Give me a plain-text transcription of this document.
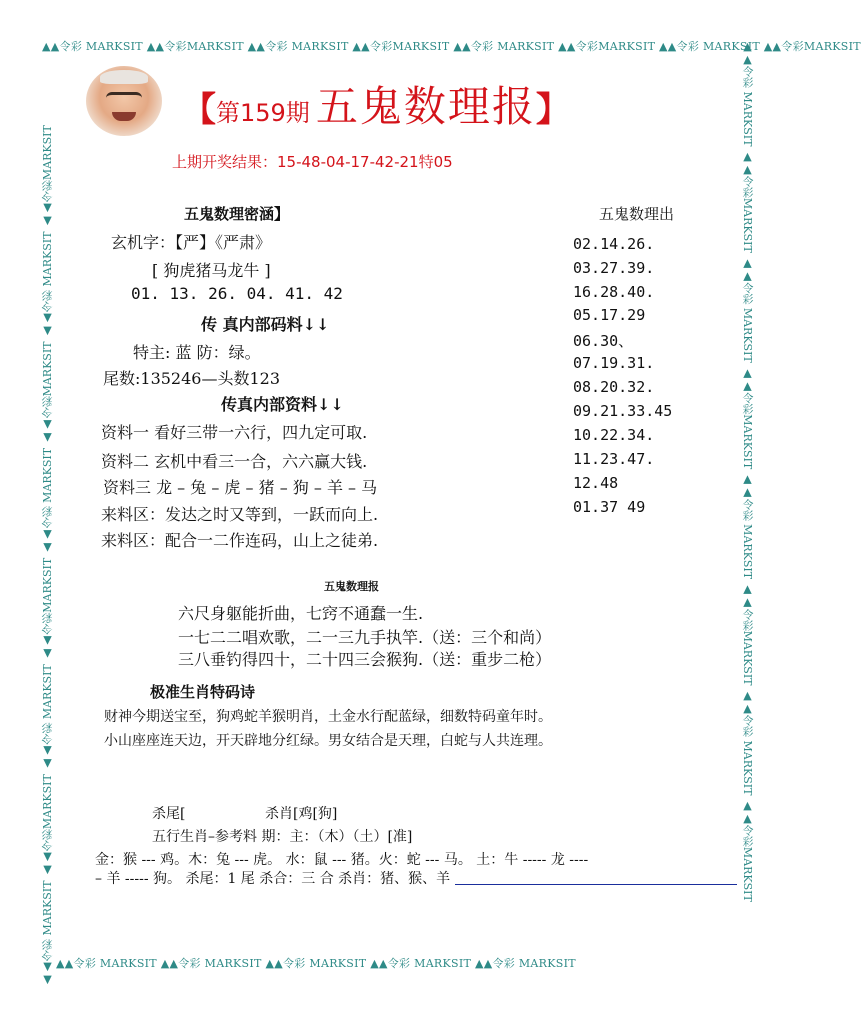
▲▲令彩 MARKSIT ▲▲令彩MARKSIT ▲▲令彩 MARKSIT ▲▲令彩MARKSIT ▲▲令彩 MARKSIT ▲▲令彩MARKSIT ▲▲令彩 MARKSIT ▲▲令彩MARKSIT
▲▲令彩 MARKSIT ▲▲令彩 MARKSIT ▲▲令彩 MARKSIT ▲▲令彩 MARKSIT ▲▲令彩 MARKSIT
▲▲令彩 MARKSIT ▲▲令彩MARKSIT ▲▲令彩 MARKSIT ▲▲令彩MARKSIT ▲▲令彩 MARKSIT ▲▲令彩MARKSIT ▲▲令彩 MARKSIT ▲▲令彩MARKSIT	▲▲令彩 MARKSIT ▲▲令彩MARKSIT ▲▲令彩 MARKSIT ▲▲令彩MARKSIT ▲▲令彩 MARKSIT ▲▲令彩MARKSIT ▲▲令彩 MARKSIT ▲▲令彩MARKSIT
【第159期 五鬼数理报】
上期开奖结果：15-48-04-17-42-21特05
五鬼数理密涵】
玄机字：【严】《严肃》
[ 狗虎猪马龙牛 ]
01. 13. 26. 04. 41. 42
传 真内部码料↓↓
特主: 蓝 防：绿。
尾数:135246—头数123
传真内部资料↓↓
资料一 看好三带一六行，四九定可取.
资料二 玄机中看三一合，六六赢大钱.
资料三 龙 – 兔 – 虎 – 猪 – 狗 – 羊 – 马
来料区：发达之时又等到，一跃而向上.
来料区：配合一二作连码，山上之徒弟.
五鬼数理出
02.14.26.
03.27.39.
16.28.40.
05.17.29
06.30、
07.19.31.
08.20.32.
09.21.33.45
10.22.34.
11.23.47.
12.48
01.37 49
五鬼数理报
六尺身躯能折曲，七窍不通蠢一生.
一七二二唱欢歌，二一三九手执竿.（送：三个和尚）
三八垂钓得四十，二十四三会猴狗.（送：重步二枪）
极准生肖特码诗
财神今期送宝至，狗鸡蛇羊猴明肖，土金水行配蓝绿，细数特码童年时。
小山座座连天边，开天辟地分红绿。男女结合是天理，白蛇与人共连理。
杀尾[	杀肖[鸡[狗]
五行生肖–参考料 期：主：（木）（土）[准]
金：猴 --- 鸡。木：兔 --- 虎。 水：鼠 --- 猪。火：蛇 --- 马。 土：牛 ----- 龙 ----
– 羊 ----- 狗。 杀尾：1 尾 杀合：三 合 杀肖：猪、猴、羊
